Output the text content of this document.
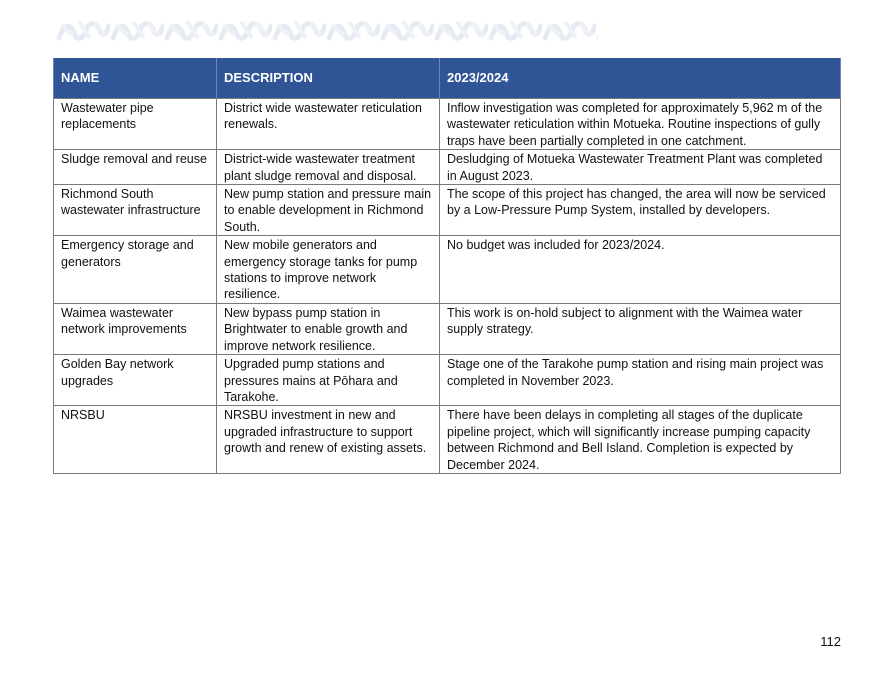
NAME	DESCRIPTION	2023/2024
Wastewater pipe replacements	District wide wastewater reticulation renewals.	Inflow investigation was completed for approximately 5,962 m of the wastewater reticulation within Motueka. Routine inspections of gully traps have been partially completed in one catchment.
Sludge removal and reuse	District-wide wastewater treatment plant sludge removal and disposal.	Desludging of Motueka Wastewater Treatment Plant was completed in August 2023.
Richmond South wastewater infrastructure	New pump station and pressure main to enable development in Richmond South.	The scope of this project has changed, the area will now be serviced by a Low-Pressure Pump System, installed by developers.
Emergency storage and generators	New mobile generators and emergency storage tanks for pump stations to improve network resilience.	No budget was included for 2023/2024.
Waimea wastewater network improvements	New bypass pump station in Brightwater to enable growth and improve network resilience.	This work is on-hold subject to alignment with the Waimea water supply strategy.
Golden Bay network upgrades	Upgraded pump stations and pressures mains at Pōhara and Tarakohe.	Stage one of the Tarakohe pump station and rising main project was completed in November 2023.
NRSBU	NRSBU investment in new and upgraded infrastructure to support growth and renew of existing assets.	There have been delays in completing all stages of the duplicate pipeline project, which will significantly increase pumping capacity between Richmond and Bell Island. Completion is expected by December 2024.
112
